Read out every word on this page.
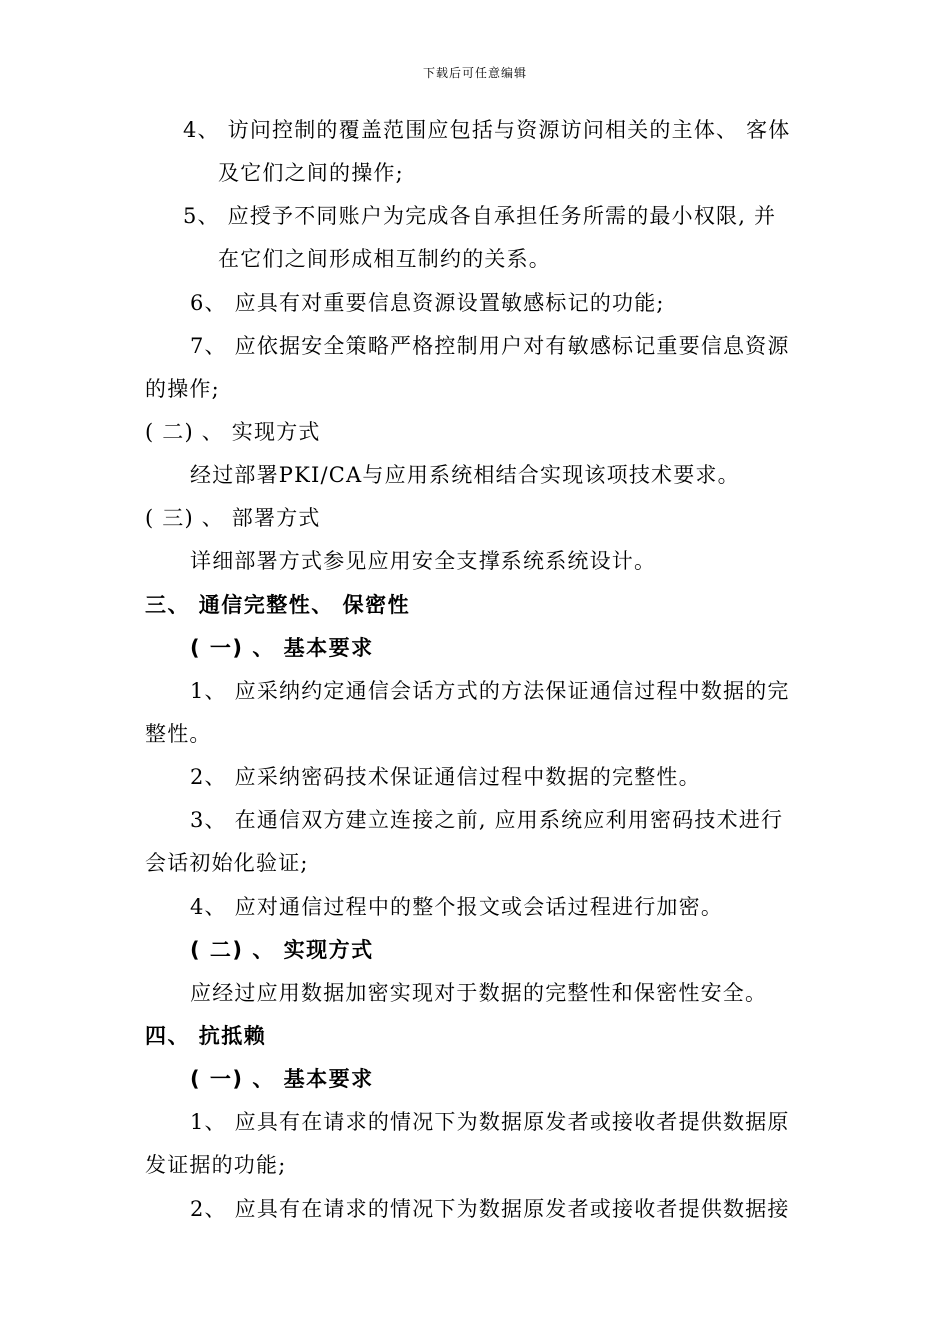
下载后可任意编辑
4、 访问控制的覆盖范围应包括与资源访问相关的主体、 客体
及它们之间的操作;
5、 应授予不同账户为完成各自承担任务所需的最小权限, 并
在它们之间形成相互制约的关系。
6、 应具有对重要信息资源设置敏感标记的功能;
7、 应依据安全策略严格控制用户对有敏感标记重要信息资源
的操作;
( 二) 、 实现方式
经过部署PKI/CA与应用系统相结合实现该项技术要求。
( 三) 、 部署方式
详细部署方式参见应用安全支撑系统系统设计。
三、 通信完整性、 保密性
( 一) 、 基本要求
1、 应采纳约定通信会话方式的方法保证通信过程中数据的完
整性。
2、 应采纳密码技术保证通信过程中数据的完整性。
3、 在通信双方建立连接之前, 应用系统应利用密码技术进行
会话初始化验证;
4、 应对通信过程中的整个报文或会话过程进行加密。
( 二) 、 实现方式
应经过应用数据加密实现对于数据的完整性和保密性安全。
四、 抗抵赖
( 一) 、 基本要求
1、 应具有在请求的情况下为数据原发者或接收者提供数据原
发证据的功能;
2、 应具有在请求的情况下为数据原发者或接收者提供数据接
